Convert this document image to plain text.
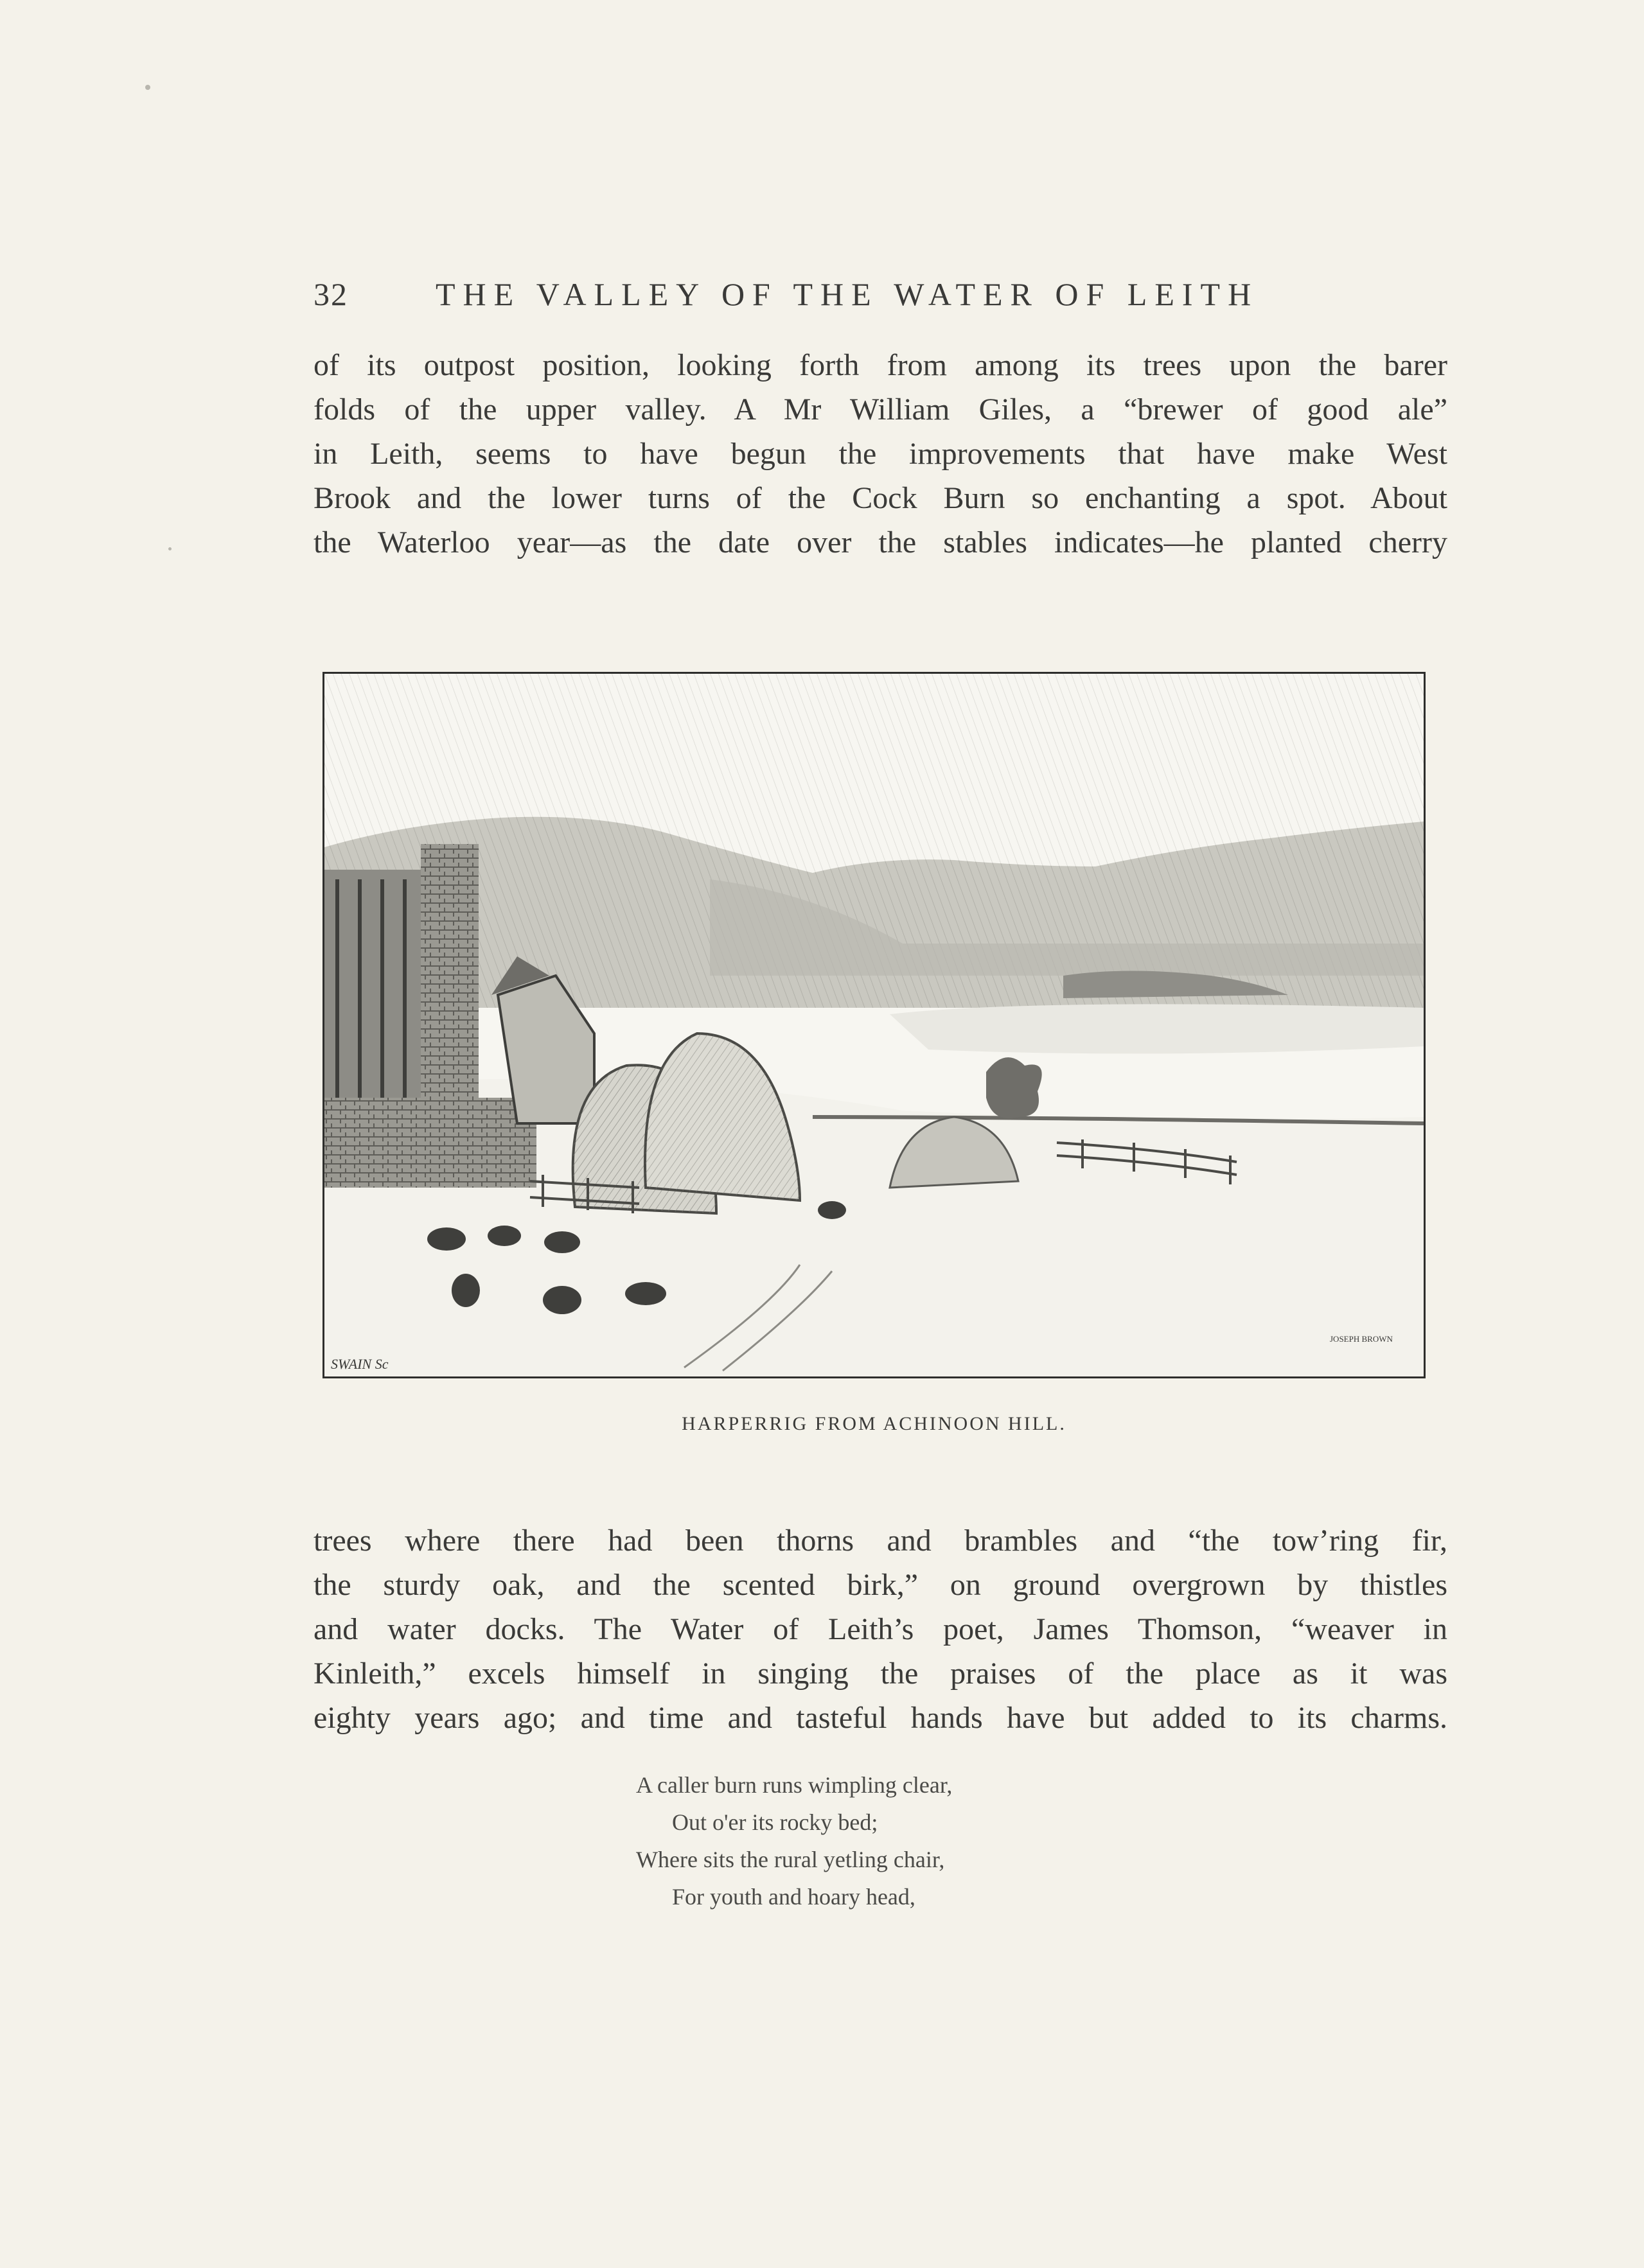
32	THE VALLEY OF THE WATER OF LEITH
of its outpost position, looking forth from among its trees upon the barer
folds of the upper valley. A Mr William Giles, a “brewer of good ale”
in Leith, seems to have begun the improvements that have make West
Brook and the lower turns of the Cock Burn so enchanting a spot. About
the Waterloo year—as the date over the stables indicates—he planted cherry
SWAIN Sc
JOSEPH BROWN
HARPERRIG FROM ACHINOON HILL.
trees where there had been thorns and brambles and “the tow’ring fir,
the sturdy oak, and the scented birk,” on ground overgrown by thistles
and water docks. The Water of Leith’s poet, James Thomson, “weaver in
Kinleith,” excels himself in singing the praises of the place as it was
eighty years ago; and time and tasteful hands have but added to its charms.
A caller burn runs wimpling clear,
Out o'er its rocky bed;
Where sits the rural yetling chair,
For youth and hoary head,
